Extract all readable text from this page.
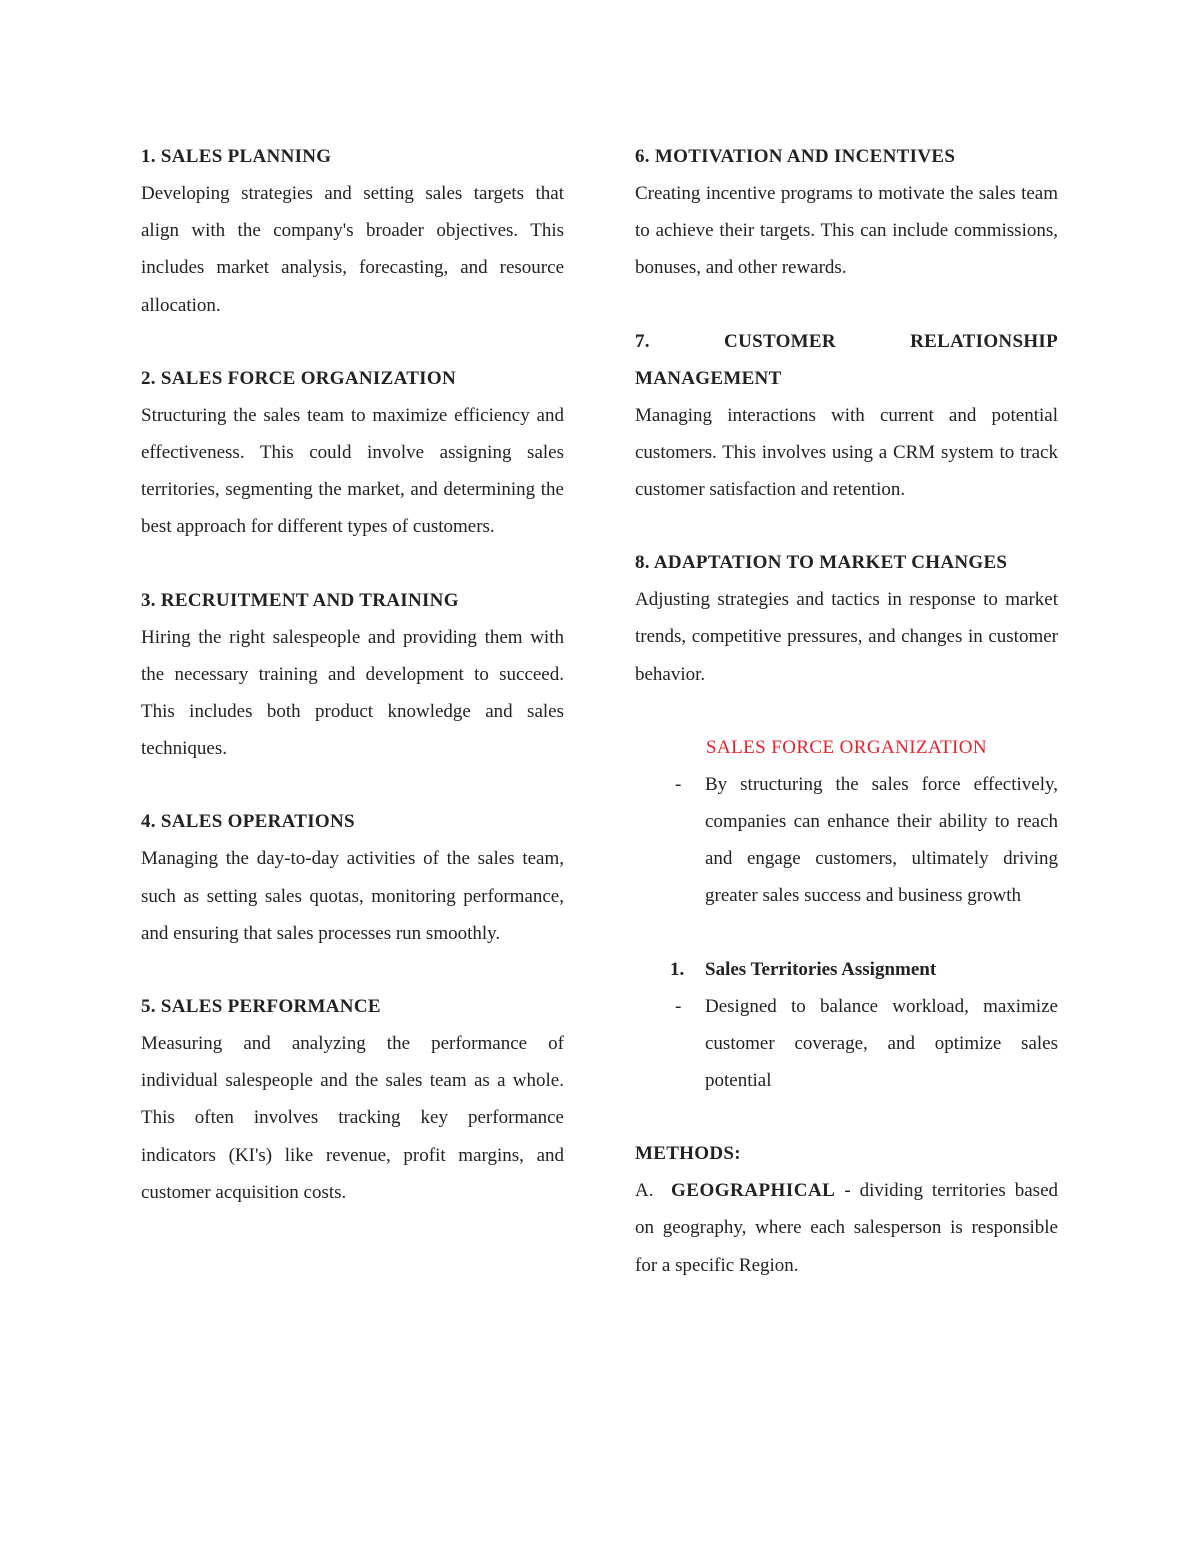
1. SALES PLANNING

Developing strategies and setting sales targets that align with the company's broader objectives. This includes market analysis, forecasting, and resource allocation.

2. SALES FORCE ORGANIZATION

Structuring the sales team to maximize efficiency and effectiveness. This could involve assigning sales territories, segmenting the market, and determining the best approach for different types of customers.

3. RECRUITMENT AND TRAINING

Hiring the right salespeople and providing them with the necessary training and development to succeed. This includes both product knowledge and sales techniques.

4. SALES OPERATIONS

Managing the day-to-day activities of the sales team, such as setting sales quotas, monitoring performance, and ensuring that sales processes run smoothly.

5. SALES PERFORMANCE

Measuring and analyzing the performance of individual salespeople and the sales team as a whole. This often involves tracking key performance indicators (KI's) like revenue, profit margins, and customer acquisition costs.

6. MOTIVATION AND INCENTIVES

Creating incentive programs to motivate the sales team to achieve their targets. This can include commissions, bonuses, and other rewards.

7. CUSTOMER RELATIONSHIP
MANAGEMENT

Managing interactions with current and potential customers. This involves using a CRM system to track customer satisfaction and retention.

8. ADAPTATION TO MARKET CHANGES

Adjusting strategies and tactics in response to market trends, competitive pressures, and changes in customer behavior.

SALES FORCE ORGANIZATION

-	By structuring the sales force effectively, companies can enhance their ability to reach and engage customers, ultimately driving greater sales success and business growth
1.	Sales Territories Assignment
-	Designed to balance workload, maximize customer coverage, and optimize sales potential

METHODS:

A. GEOGRAPHICAL - dividing territories based on geography, where each salesperson is responsible for a specific Region.
